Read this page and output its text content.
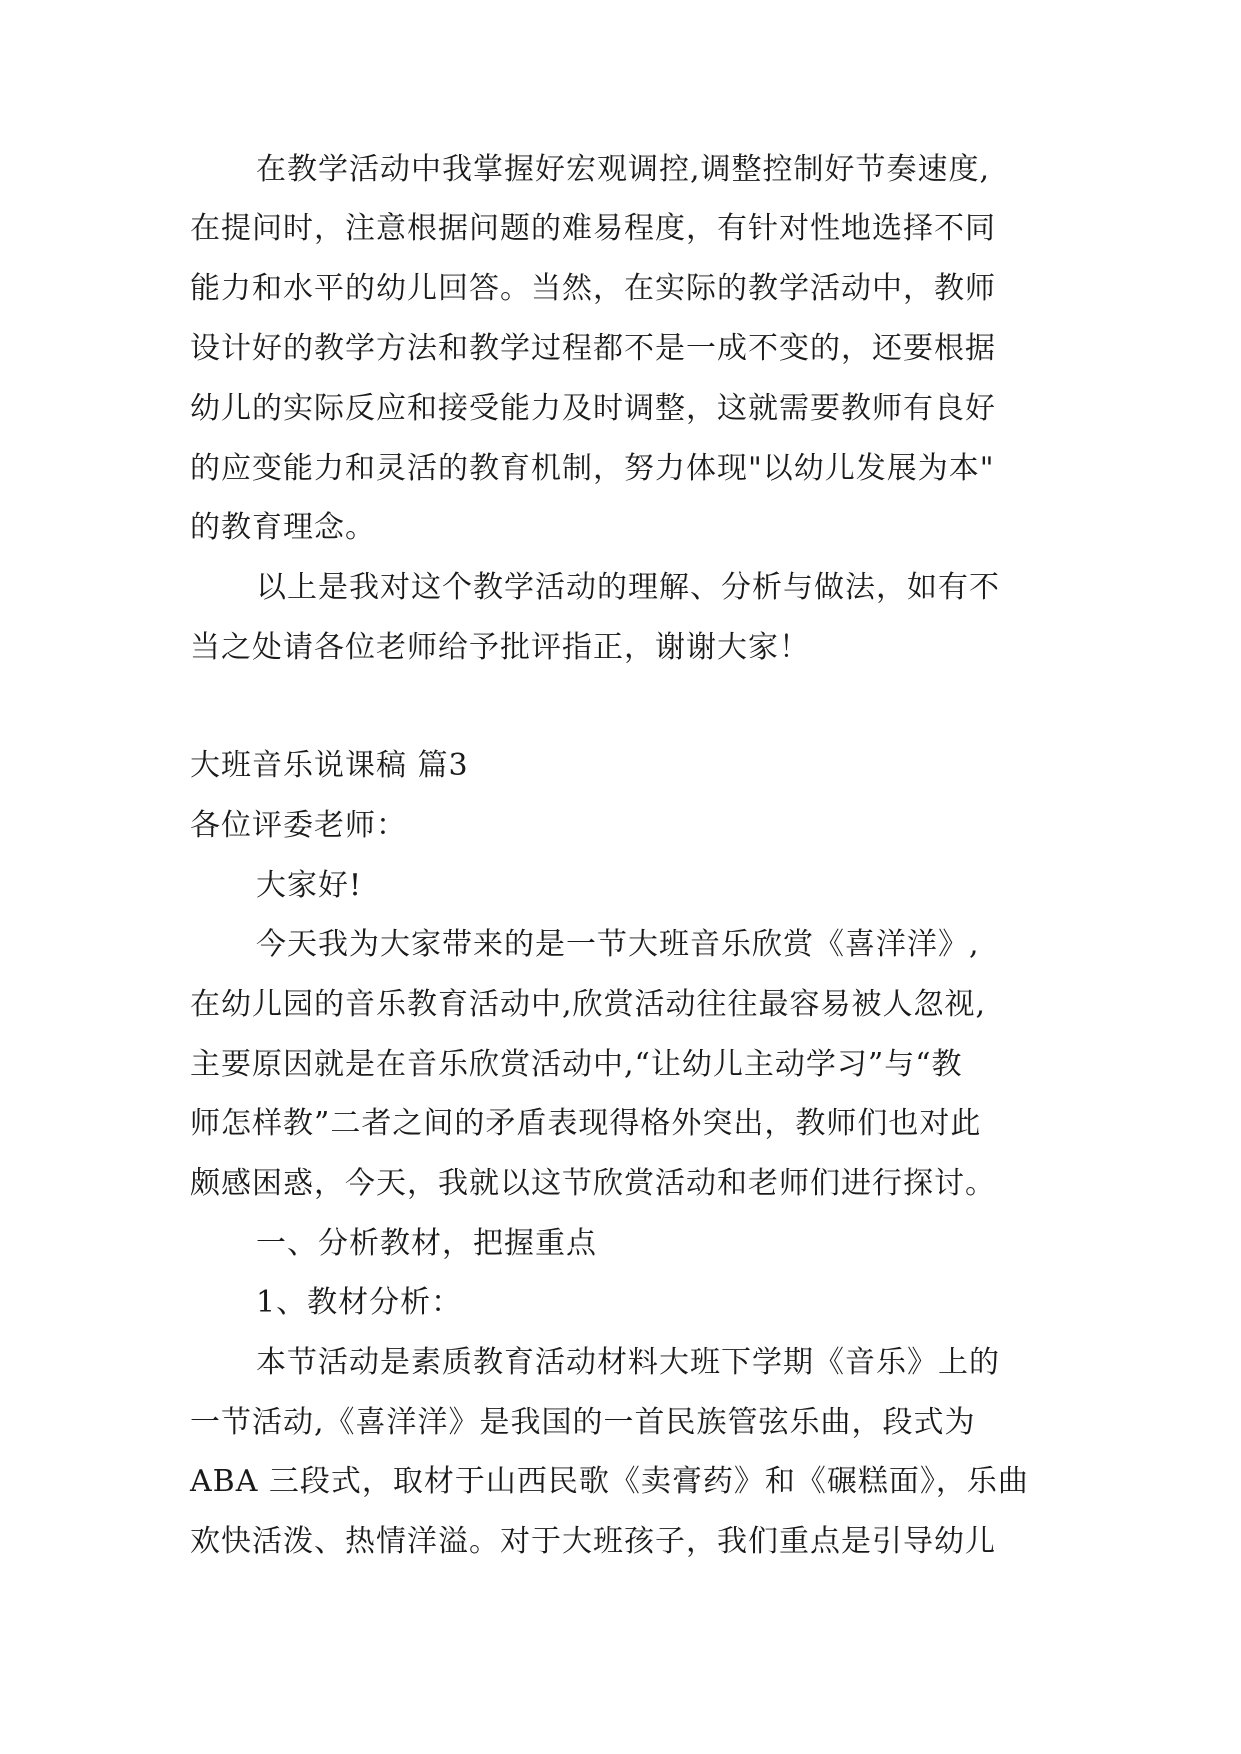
在教学活动中我掌握好宏观调控,调整控制好节奏速度,
在提问时，注意根据问题的难易程度，有针对性地选择不同
能力和水平的幼儿回答。当然，在实际的教学活动中，教师
设计好的教学方法和教学过程都不是一成不变的，还要根据
幼儿的实际反应和接受能力及时调整，这就需要教师有良好
的应变能力和灵活的教育机制，努力体现"以幼儿发展为本"
的教育理念。
以上是我对这个教学活动的理解、分析与做法，如有不
当之处请各位老师给予批评指正，谢谢大家！
大班音乐说课稿 篇3
各位评委老师：
大家好!
今天我为大家带来的是一节大班音乐欣赏《喜洋洋》,
在幼儿园的音乐教育活动中,欣赏活动往往最容易被人忽视,
主要原因就是在音乐欣赏活动中,“让幼儿主动学习”与“教
师怎样教”二者之间的矛盾表现得格外突出，教师们也对此
颇感困惑，今天，我就以这节欣赏活动和老师们进行探讨。
一、分析教材，把握重点
1、教材分析：
本节活动是素质教育活动材料大班下学期《音乐》上的
一节活动,《喜洋洋》是我国的一首民族管弦乐曲，段式为
ABA 三段式，取材于山西民歌《卖膏药》和《碾糕面》，乐曲
欢快活泼、热情洋溢。对于大班孩子，我们重点是引导幼儿
